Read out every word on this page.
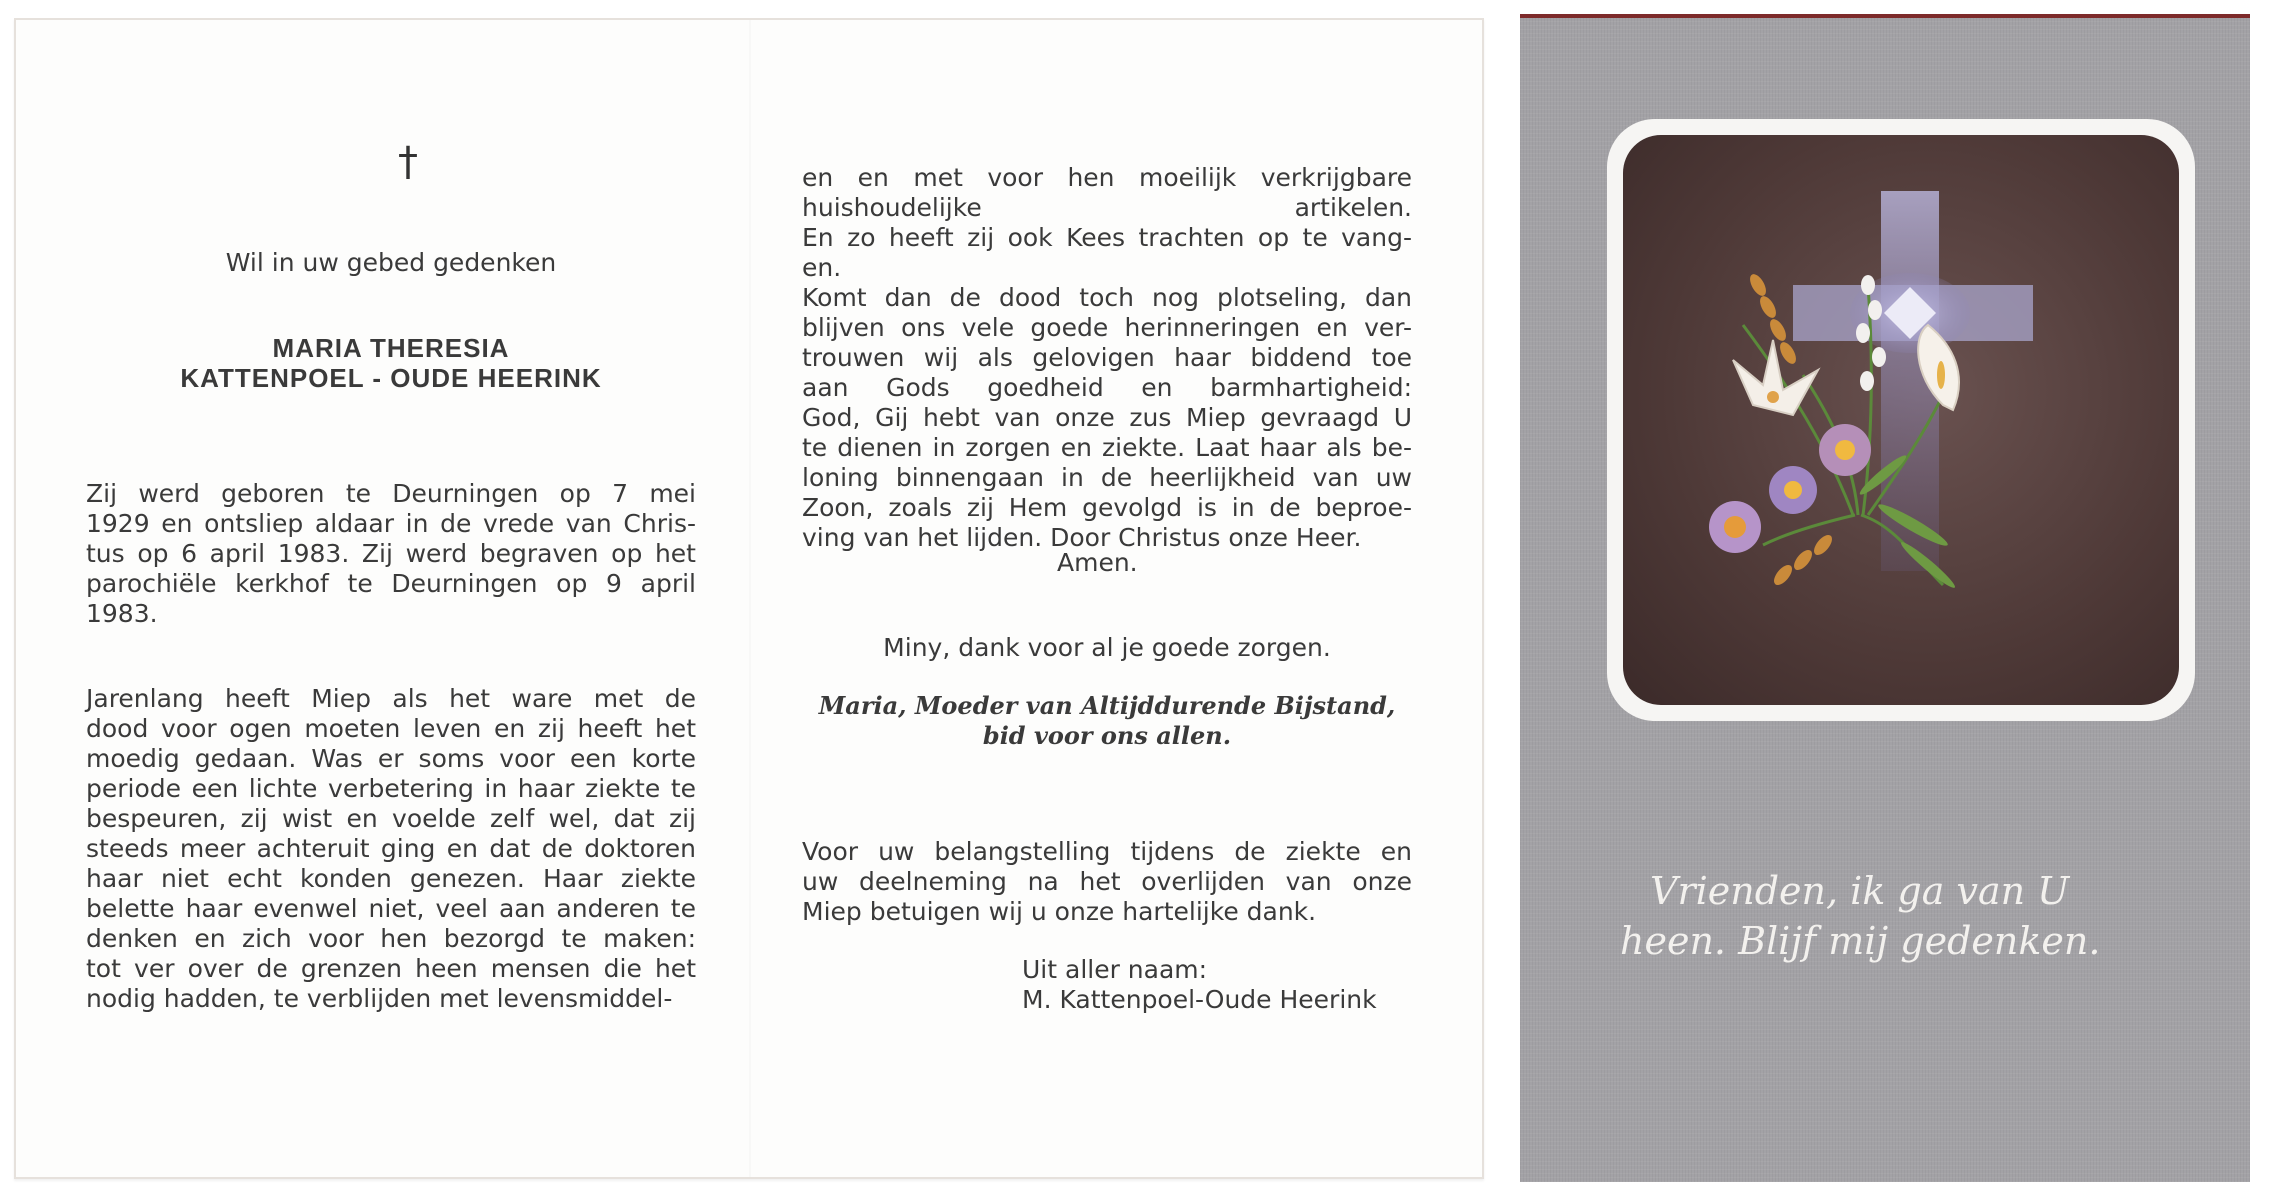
†
Wil in uw gebed gedenken
MARIA THERESIA
KATTENPOEL - OUDE HEERINK
Zij werd geboren te Deurningen op 7 mei
1929 en ontsliep aldaar in de vrede van Chris-
tus op 6 april 1983. Zij werd begraven op het
parochiële kerkhof te Deurningen op 9 april
1983.
Jarenlang heeft Miep als het ware met de
dood voor ogen moeten leven en zij heeft het
moedig gedaan. Was er soms voor een korte
periode een lichte verbetering in haar ziekte te
bespeuren, zij wist en voelde zelf wel, dat zij
steeds meer achteruit ging en dat de doktoren
haar niet echt konden genezen. Haar ziekte
belette haar evenwel niet, veel aan anderen te
denken en zich voor hen bezorgd te maken:
tot ver over de grenzen heen mensen die het
nodig hadden, te verblijden met levensmiddel-
en en met voor hen moeilijk verkrijgbare
huishoudelijke artikelen.
En zo heeft zij ook Kees trachten op te vang-
en.
Komt dan de dood toch nog plotseling, dan
blijven ons vele goede herinneringen en ver-
trouwen wij als gelovigen haar biddend toe
aan Gods goedheid en barmhartigheid:
God, Gij hebt van onze zus Miep gevraagd U
te dienen in zorgen en ziekte. Laat haar als be-
loning binnengaan in de heerlijkheid van uw
Zoon, zoals zij Hem gevolgd is in de beproe-
ving van het lijden. Door Christus onze Heer.
Amen.
Miny, dank voor al je goede zorgen.
Maria, Moeder van Altijddurende Bijstand,
bid voor ons allen.
Voor uw belangstelling tijdens de ziekte en
uw deelneming na het overlijden van onze
Miep betuigen wij u onze hartelijke dank.
Uit aller naam:
M. Kattenpoel-Oude Heerink
Vrienden, ik ga van U
heen. Blijf mij gedenken.
